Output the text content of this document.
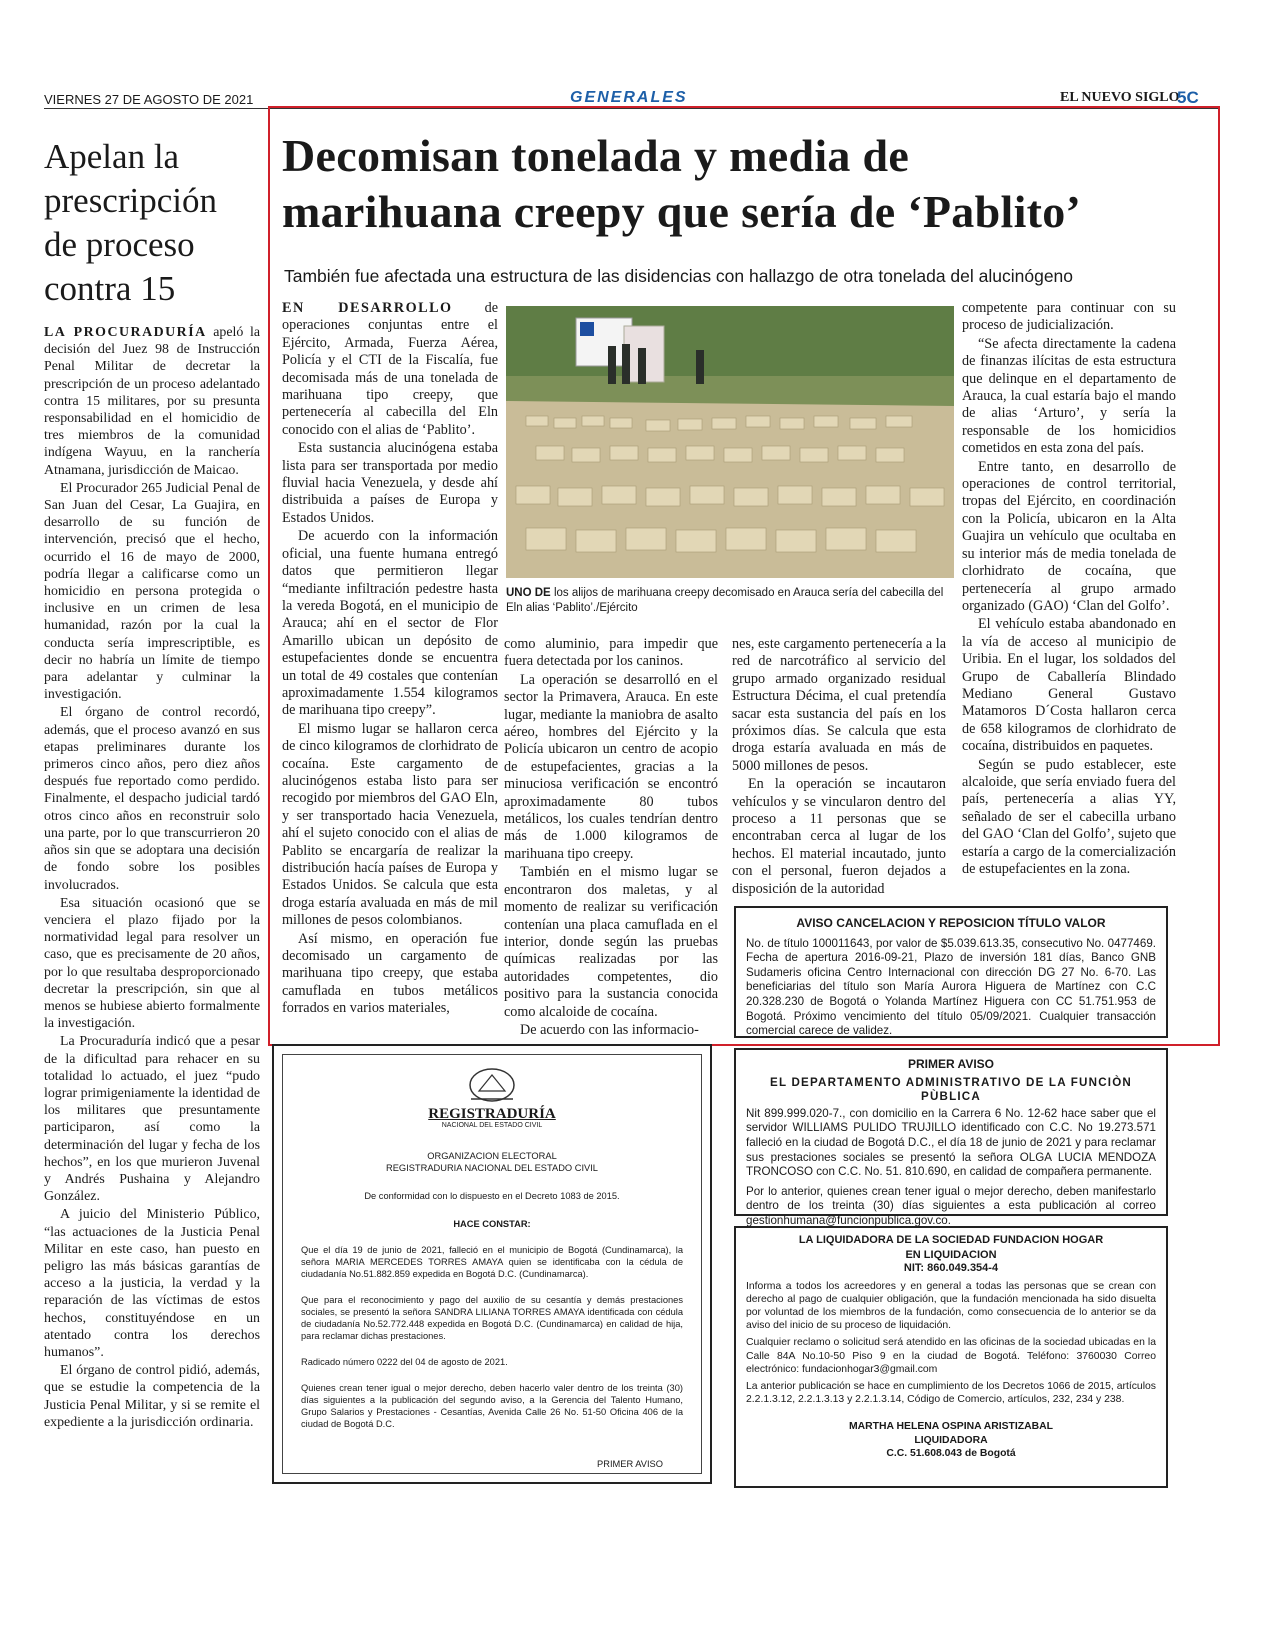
VIERNES 27 DE AGOSTO DE 2021	GENERALES	EL NUEVO SIGLO
5C
Apelan la prescripción de proceso contra 15

LA PROCURADURÍA apeló la decisión del Juez 98 de Instrucción Penal Militar de decretar la prescripción de un proceso adelantado contra 15 militares, por su presunta responsabilidad en el homicidio de tres miembros de la comunidad indígena Wayuu, en la ranchería Atnamana, jurisdicción de Maicao.

El Procurador 265 Judicial Penal de San Juan del Cesar, La Guajira, en desarrollo de su función de intervención, precisó que el hecho, ocurrido el 16 de mayo de 2000, podría llegar a calificarse como un homicidio en persona protegida o inclusive en un crimen de lesa humanidad, razón por la cual la conducta sería imprescriptible, es decir no habría un límite de tiempo para adelantar y culminar la investigación.

El órgano de control recordó, además, que el proceso avanzó en sus etapas preliminares durante los primeros cinco años, pero diez años después fue reportado como perdido. Finalmente, el despacho judicial tardó otros cinco años en reconstruir solo una parte, por lo que transcurrieron 20 años sin que se adoptara una decisión de fondo sobre los posibles involucrados.

Esa situación ocasionó que se venciera el plazo fijado por la normatividad legal para resolver un caso, que es precisamente de 20 años, por lo que resultaba desproporcionado decretar la prescripción, sin que al menos se hubiese abierto formalmente la investigación.

La Procuraduría indicó que a pesar de la dificultad para rehacer en su totalidad lo actuado, el juez “pudo lograr primigeniamente la identidad de los militares que presuntamente participaron, así como la determinación del lugar y fecha de los hechos”, en los que murieron Juvenal y Andrés Pushaina y Alejandro González.

A juicio del Ministerio Público, “las actuaciones de la Justicia Penal Militar en este caso, han puesto en peligro las más básicas garantías de acceso a la justicia, la verdad y la reparación de las víctimas de estos hechos, constituyéndose en un atentado contra los derechos humanos”.

El órgano de control pidió, además, que se estudie la competencia de la Justicia Penal Militar, y si se remite el expediente a la jurisdicción ordinaria.

Decomisan tonelada y media de
marihuana creepy que sería de ‘Pablito’
También fue afectada una estructura de las disidencias con hallazgo de otra tonelada del alucinógeno

EN DESARROLLO de operaciones conjuntas entre el Ejército, Armada, Fuerza Aérea, Policía y el CTI de la Fiscalía, fue decomisada más de una tonelada de marihuana tipo creepy, que pertenecería al cabecilla del Eln conocido con el alias de ‘Pablito’.

Esta sustancia alucinógena estaba lista para ser transportada por medio fluvial hacia Venezuela, y desde ahí distribuida a países de Europa y Estados Unidos.

De acuerdo con la información oficial, una fuente humana entregó datos que permitieron llegar “mediante infiltración pedestre hasta la vereda Bogotá, en el municipio de Arauca; ahí en el sector de Flor Amarillo ubican un depósito de estupefacientes donde se encuentra un total de 49 costales que contenían aproximadamente 1.554 kilogramos de marihuana tipo creepy”.

El mismo lugar se hallaron cerca de cinco kilogramos de clorhidrato de cocaína. Este cargamento de alucinógenos estaba listo para ser recogido por miembros del GAO Eln, y ser transportado hacia Venezuela, ahí el sujeto conocido con el alias de Pablito se encargaría de realizar la distribución hacía países de Europa y Estados Unidos. Se calcula que esta droga estaría avaluada en más de mil millones de pesos colombianos.

Así mismo, en operación fue decomisado un cargamento de marihuana tipo creepy, que estaba camuflada en tubos metálicos forrados en varios materiales,

UNO DE los alijos de marihuana creepy decomisado en Arauca sería del cabecilla del Eln alias ‘Pablito’./Ejército

como aluminio, para impedir que fuera detectada por los caninos.

La operación se desarrolló en el sector la Primavera, Arauca. En este lugar, mediante la maniobra de asalto aéreo, hombres del Ejército y la Policía ubicaron un centro de acopio de estupefacientes, gracias a la minuciosa verificación se encontró aproximadamente 80 tubos metálicos, los cuales tendrían dentro más de 1.000 kilogramos de marihuana tipo creepy.

También en el mismo lugar se encontraron dos maletas, y al momento de realizar su verificación contenían una placa camuflada en el interior, donde según las pruebas químicas realizadas por las autoridades competentes, dio positivo para la sustancia conocida como alcaloide de cocaína.

De acuerdo con las informacio-

nes, este cargamento pertenecería a la red de narcotráfico al servicio del grupo armado organizado residual Estructura Décima, el cual pretendía sacar esta sustancia del país en los próximos días. Se calcula que esta droga estaría avaluada en más de 5000 millones de pesos.

En la operación se incautaron vehículos y se vincularon dentro del proceso a 11 personas que se encontraban cerca al lugar de los hechos. El material incautado, junto con el personal, fueron dejados a disposición de la autoridad

competente para continuar con su proceso de judicialización.

“Se afecta directamente la cadena de finanzas ilícitas de esta estructura que delinque en el departamento de Arauca, la cual estaría bajo el mando de alias ‘Arturo’, y sería la responsable de los homicidios cometidos en esta zona del país.

Entre tanto, en desarrollo de operaciones de control territorial, tropas del Ejército, en coordinación con la Policía, ubicaron en la Alta Guajira un vehículo que ocultaba en su interior más de media tonelada de clorhidrato de cocaína, que pertenecería al grupo armado organizado (GAO) ‘Clan del Golfo’.

El vehículo estaba abandonado en la vía de acceso al municipio de Uribia. En el lugar, los soldados del Grupo de Caballería Blindado Mediano General Gustavo Matamoros D´Costa hallaron cerca de 658 kilogramos de clorhidrato de cocaína, distribuidos en paquetes.

Según se pudo establecer, este alcaloide, que sería enviado fuera del país, pertenecería a alias YY, señalado de ser el cabecilla urbano del GAO ‘Clan del Golfo’, sujeto que estaría a cargo de la comercialización de estupefacientes en la zona.

AVISO CANCELACION Y REPOSICION TÍTULO VALOR
No. de título 100011643, por valor de $5.039.613.35, consecutivo No. 0477469. Fecha de apertura 2016-09-21, Plazo de inversión 181 días, Banco GNB Sudameris oficina Centro Internacional con dirección DG 27 No. 6-70. Las beneficiarias del título son María Aurora Higuera de Martínez con C.C 20.328.230 de Bogotá o Yolanda Martínez Higuera con CC 51.751.953 de Bogotá. Próximo vencimiento del título 05/09/2021. Cualquier transacción comercial carece de validez.
REGISTRADURÍA
NACIONAL DEL ESTADO CIVIL
ORGANIZACION ELECTORAL
REGISTRADURIA NACIONAL DEL ESTADO CIVIL
De conformidad con lo dispuesto en el Decreto 1083 de 2015.
HACE CONSTAR:
Que el día 19 de junio de 2021, falleció en el municipio de Bogotá (Cundinamarca), la señora MARIA MERCEDES TORRES AMAYA quien se identificaba con la cédula de ciudadanía No.51.882.859 expedida en Bogotá D.C. (Cundinamarca).
Que para el reconocimiento y pago del auxilio de su cesantía y demás prestaciones sociales, se presentó la señora SANDRA LILIANA TORRES AMAYA identificada con cédula de ciudadanía No.52.772.448 expedida en Bogotá D.C. (Cundinamarca) en calidad de hija, para reclamar dichas prestaciones.
Radicado número 0222 del 04 de agosto de 2021.
Quienes crean tener igual o mejor derecho, deben hacerlo valer dentro de los treinta (30) días siguientes a la publicación del segundo aviso, a la Gerencia del Talento Humano, Grupo Salarios y Prestaciones - Cesantías, Avenida Calle 26 No. 51-50 Oficina 406 de la ciudad de Bogotá D.C.
PRIMER AVISO
PRIMER AVISO
EL DEPARTAMENTO ADMINISTRATIVO DE LA FUNCIÒN PÙBLICA
Nit 899.999.020-7., con domicilio en la Carrera 6 No. 12-62 hace saber que el servidor WILLIAMS PULIDO TRUJILLO identificado con C.C. No 19.273.571 falleció en la ciudad de Bogotá D.C., el día 18 de junio de 2021 y para reclamar sus prestaciones sociales se presentó la señora OLGA LUCIA MENDOZA TRONCOSO con C.C. No. 51. 810.690, en calidad de compañera permanente.
Por lo anterior, quienes crean tener igual o mejor derecho, deben manifestarlo dentro de los treinta (30) días siguientes a esta publicación al correo gestionhumana@funcionpublica.gov.co.
LA LIQUIDADORA DE LA SOCIEDAD FUNDACION HOGAR
EN LIQUIDACION
NIT: 860.049.354-4
Informa a todos los acreedores y en general a todas las personas que se crean con derecho al pago de cualquier obligación, que la fundación mencionada ha sido disuelta por voluntad de los miembros de la fundación, como consecuencia de lo anterior se da aviso del inicio de su proceso de liquidación.
Cualquier reclamo o solicitud será atendido en las oficinas de la sociedad ubicadas en la Calle 84A No.10-50 Piso 9 en la ciudad de Bogotá. Teléfono: 3760030 Correo electrónico: fundacionhogar3@gmail.com
La anterior publicación se hace en cumplimiento de los Decretos 1066 de 2015, artículos 2.2.1.3.12, 2.2.1.3.13 y 2.2.1.3.14, Código de Comercio, artículos, 232, 234 y 238.
MARTHA HELENA OSPINA ARISTIZABAL
LIQUIDADORA
C.C. 51.608.043 de Bogotá
